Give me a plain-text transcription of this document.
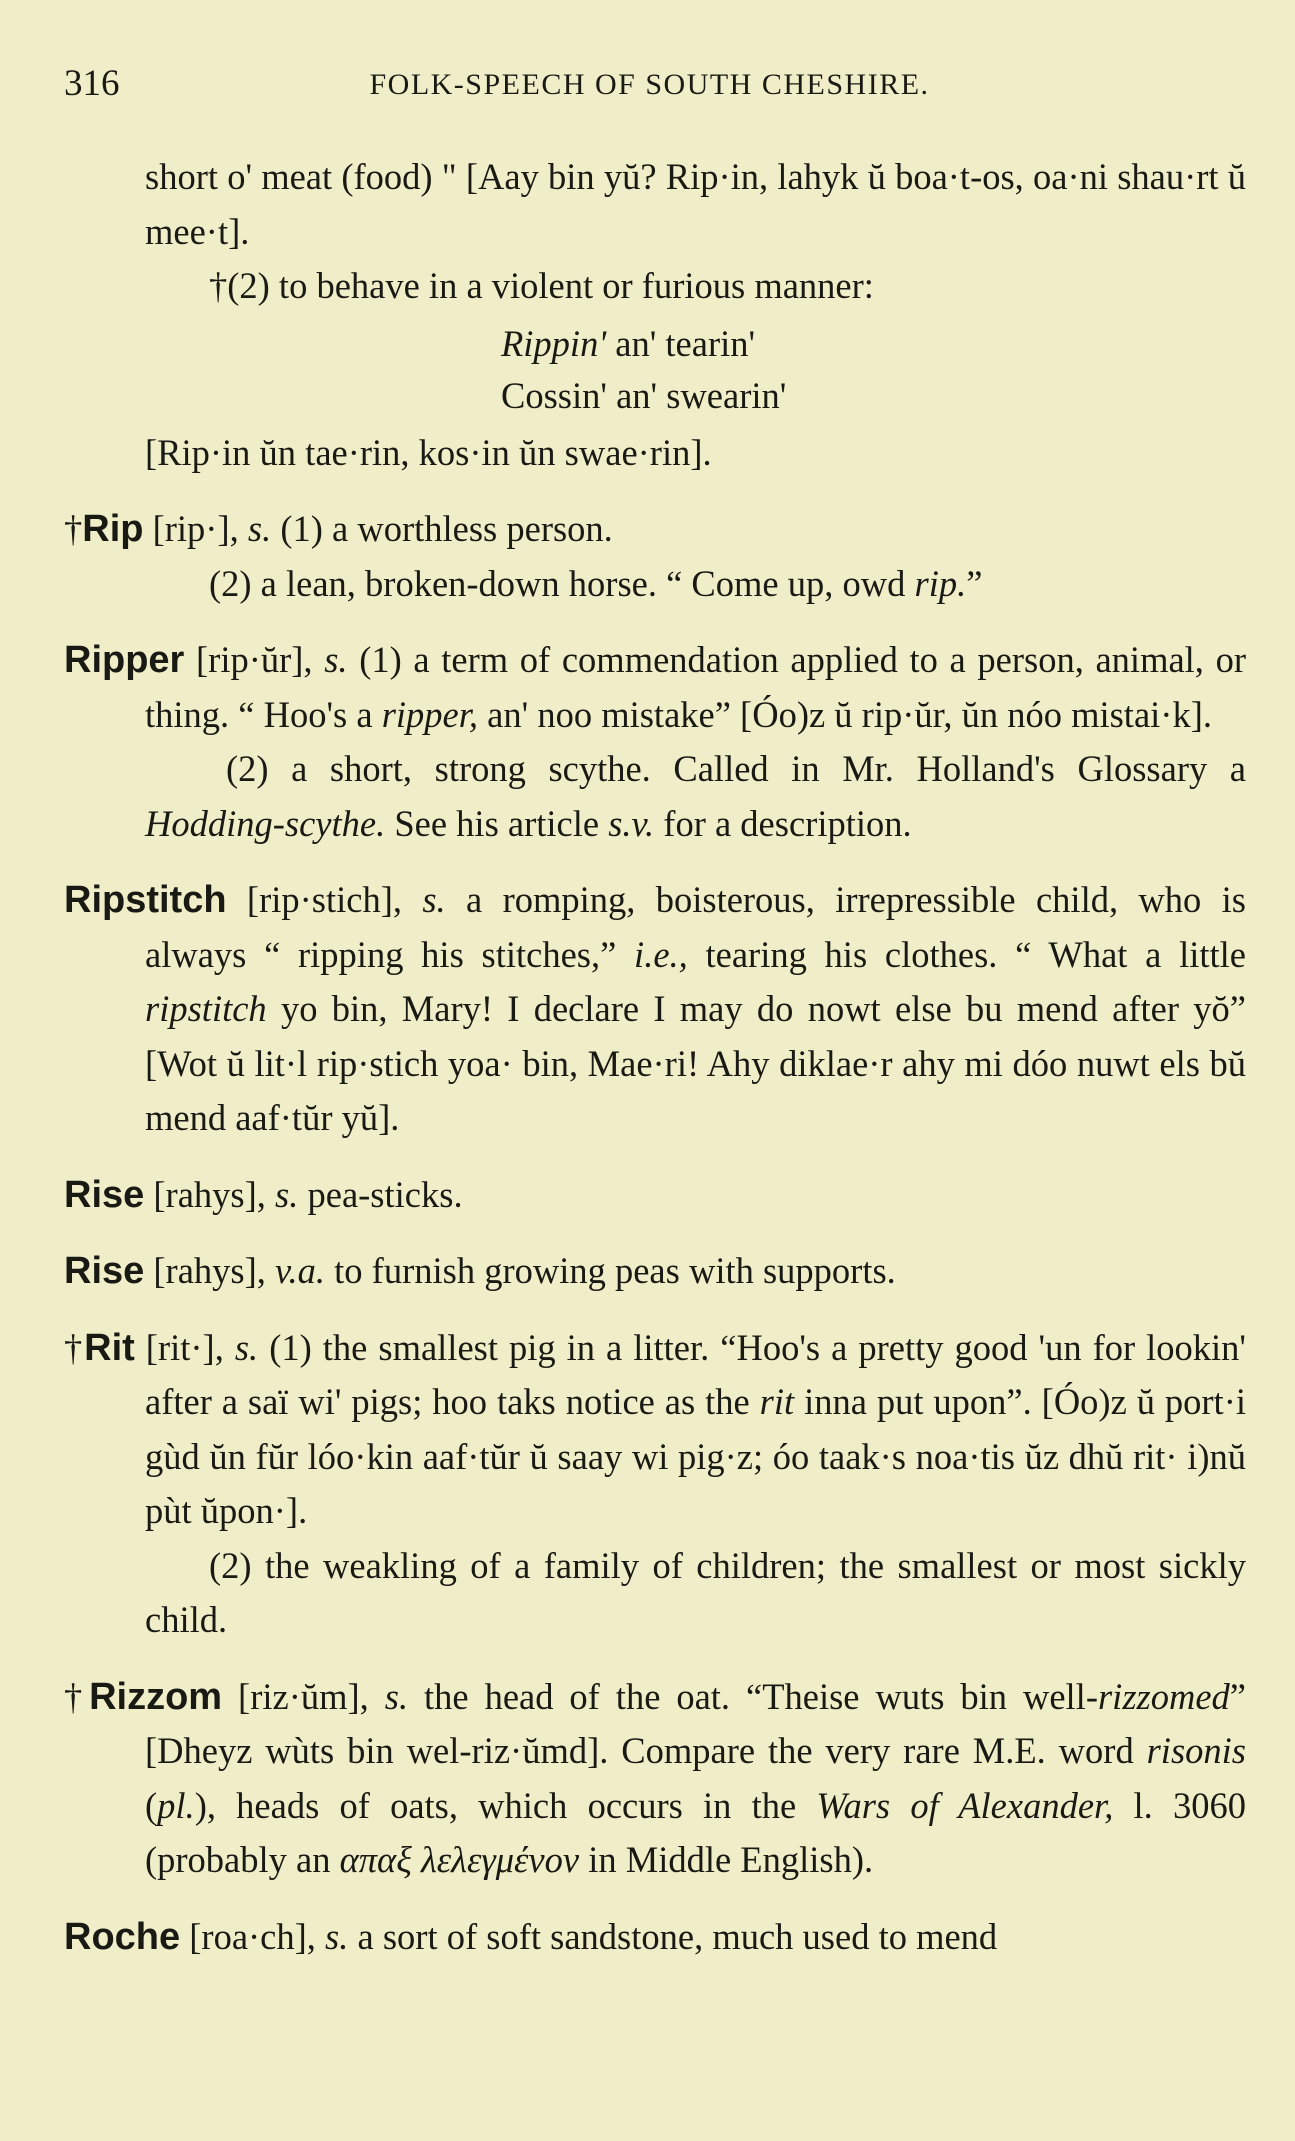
316	FOLK-SPEECH OF SOUTH CHESHIRE.

short o' meat (food) " [Aay bin yŭ? Rip·in, lahyk ŭ boa·t-os, oa·ni shau·rt ŭ mee·t].

†(2) to behave in a violent or furious manner:

Rippin' an' tearin'

Cossin' an' swearin'

[Rip·in ŭn tae·rin, kos·in ŭn swae·rin].

†Rip [rip·], s. (1) a worthless person.

(2) a lean, broken-down horse. “ Come up, owd rip.”

Ripper [rip·ŭr], s. (1) a term of commendation applied to a person, animal, or thing. “ Hoo's a ripper, an' noo mistake” [Óo)z ŭ rip·ŭr, ŭn nóo mistai·k].

(2) a short, strong scythe. Called in Mr. Holland's Glossary a Hodding-scythe. See his article s.v. for a description.

Ripstitch [rip·stich], s. a romping, boisterous, irrepressible child, who is always “ ripping his stitches,” i.e., tearing his clothes. “ What a little ripstitch yo bin, Mary! I declare I may do nowt else bu mend after yŏ” [Wot ŭ lit·l rip·stich yoa· bin, Mae·ri! Ahy diklae·r ahy mi dóo nuwt els bŭ mend aaf·tŭr yŭ].

Rise [rahys], s. pea-sticks.

Rise [rahys], v.a. to furnish growing peas with supports.

†Rit [rit·], s. (1) the smallest pig in a litter. “Hoo's a pretty good 'un for lookin' after a saï wi' pigs; hoo taks notice as the rit inna put upon”. [Óo)z ŭ port·i gùd ŭn fŭr lóo·kin aaf·tŭr ŭ saay wi pig·z; óo taak·s noa·tis ŭz dhŭ rit· i)nŭ pùt ŭpon·].

(2) the weakling of a family of children; the smallest or most sickly child.

†Rizzom [riz·ŭm], s. the head of the oat. “Theise wuts bin well-rizzomed” [Dheyz wùts bin wel-riz·ŭmd]. Compare the very rare M.E. word risonis (pl.), heads of oats, which occurs in the Wars of Alexander, l. 3060 (probably an απαξ λελεγμένον in Middle English).

Roche [roa·ch], s. a sort of soft sandstone, much used to mend
